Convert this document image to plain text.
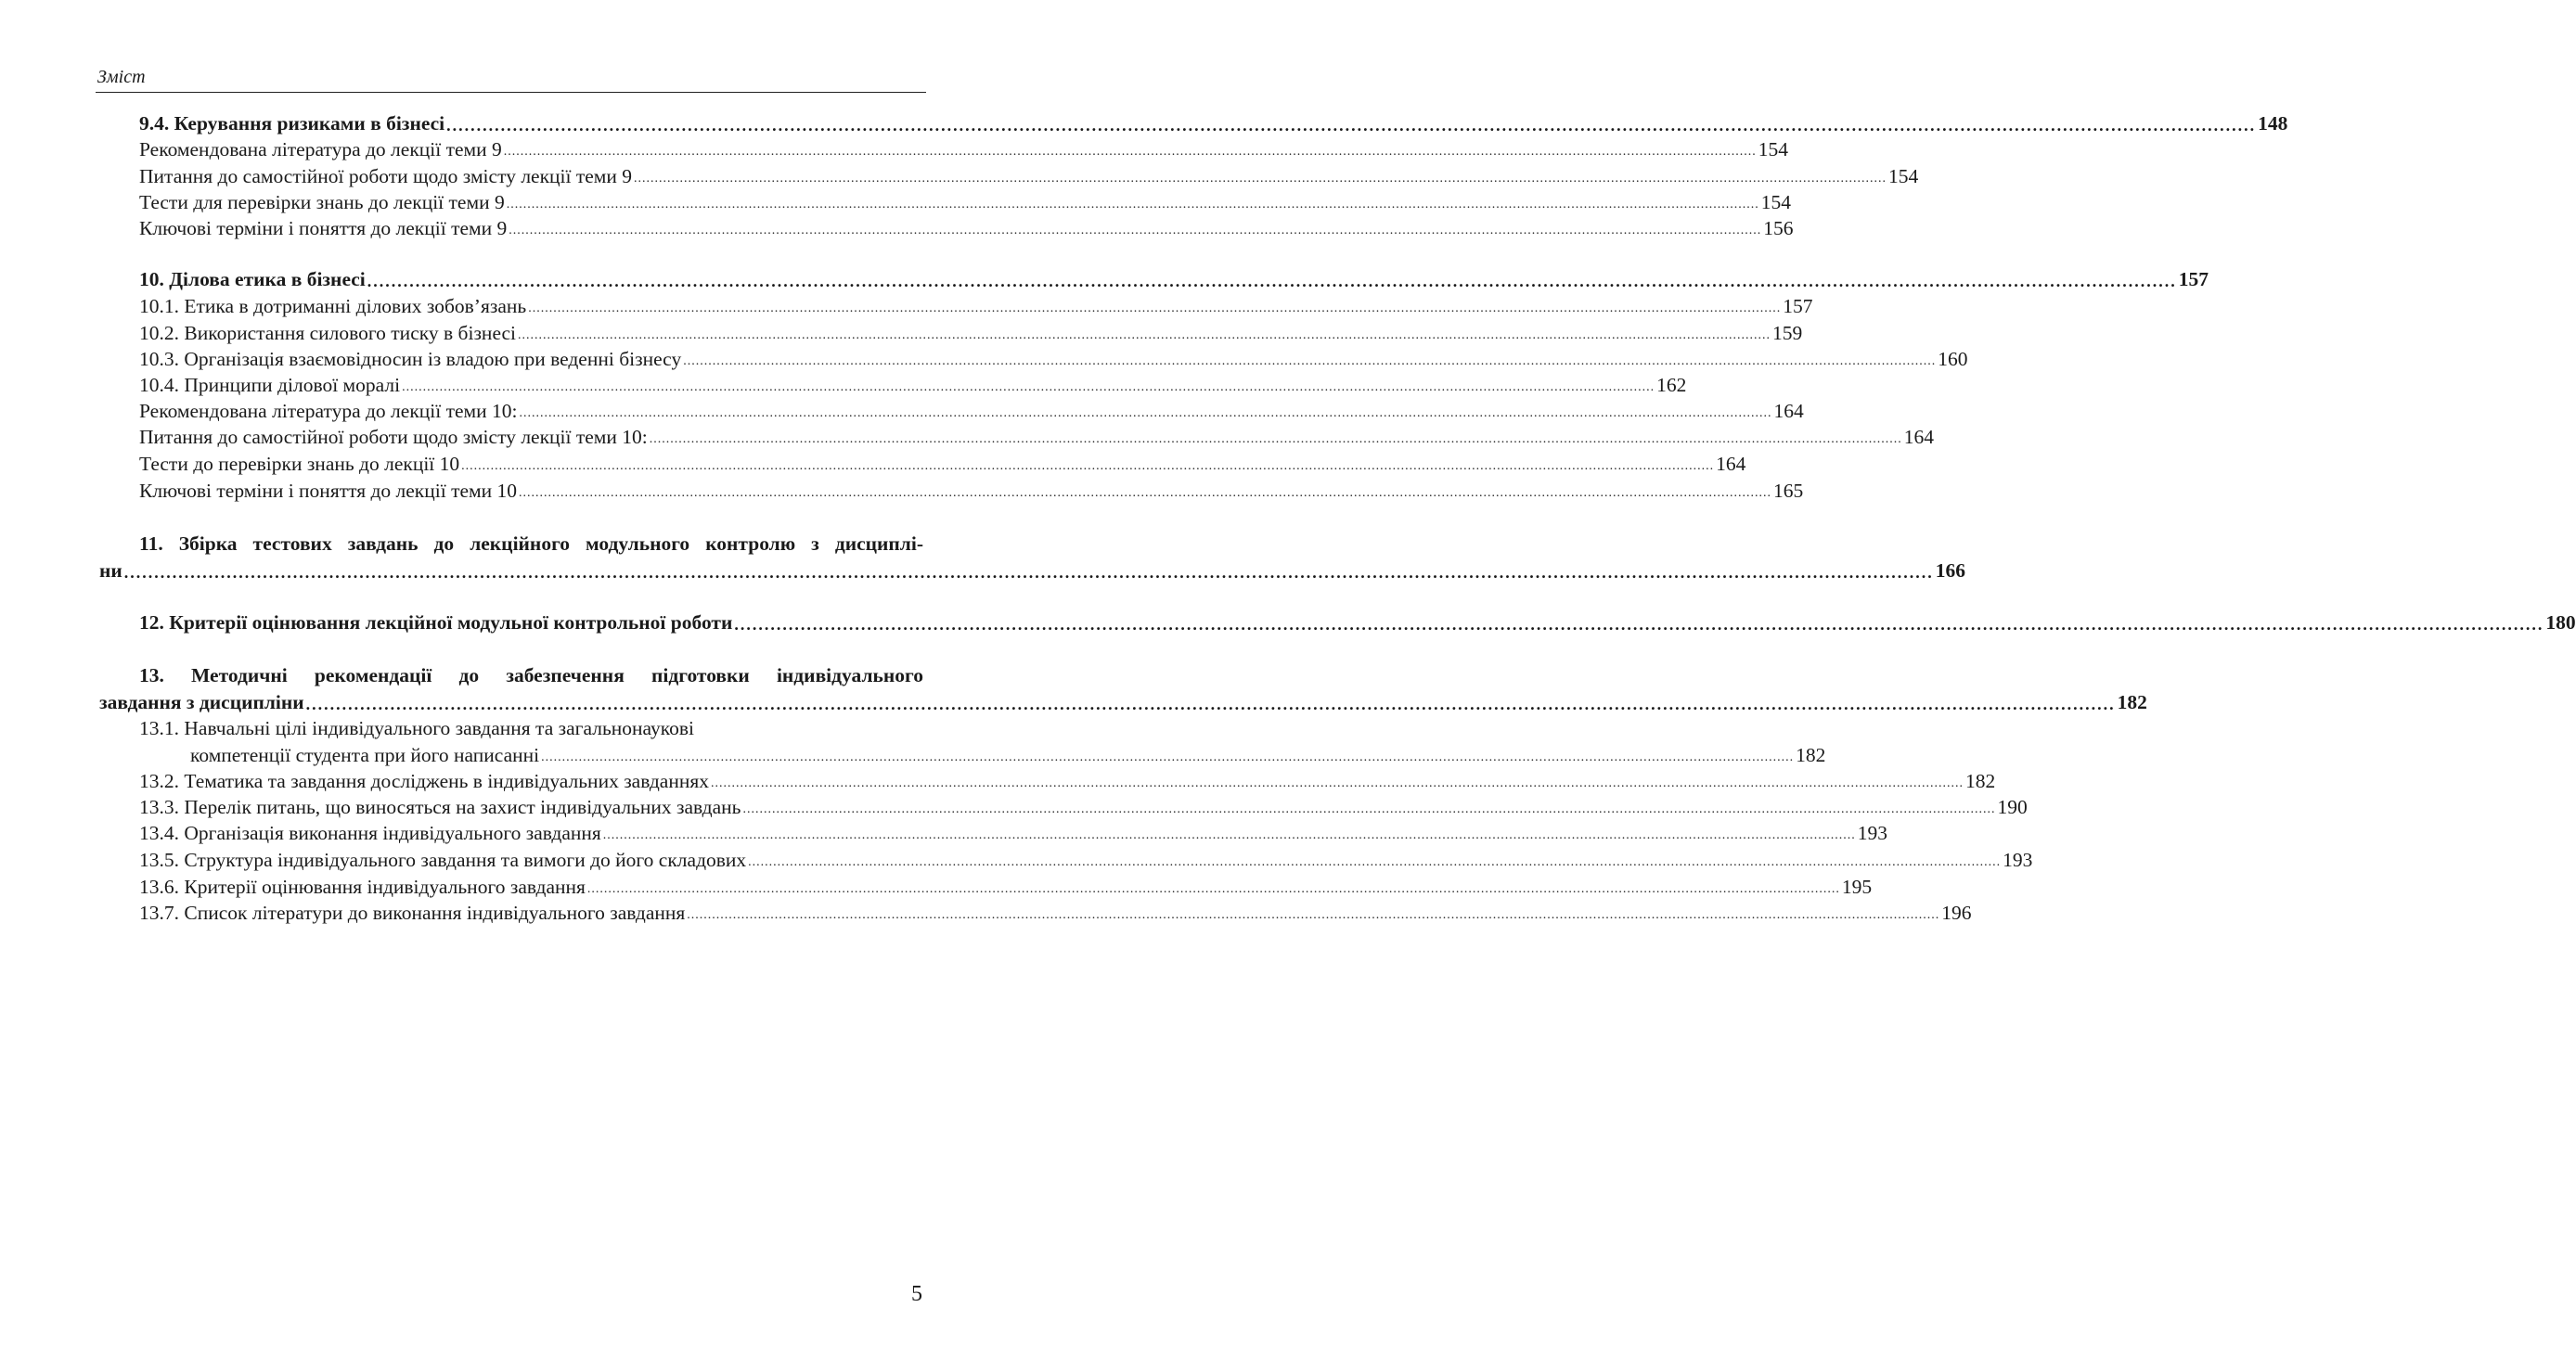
Зміст
9.4. Керування ризиками в бізнесі ............................................................................................................................................................................................................................................................................................................ 148
Рекомендована література до лекції теми 9 ............................................................................................................................................................................................................................................................................................................ 154
Питання до самостійної роботи щодо змісту лекції теми 9 ............................................................................................................................................................................................................................................................................................................ 154
Тести для перевірки знань до лекції теми 9 ............................................................................................................................................................................................................................................................................................................ 154
Ключові терміни і поняття до лекції теми 9 ............................................................................................................................................................................................................................................................................................................ 156
10. Ділова етика в бізнесі ............................................................................................................................................................................................................................................................................................................ 157
10.1. Етика в дотриманні ділових зобов’язань ............................................................................................................................................................................................................................................................................................................ 157
10.2. Використання силового тиску в бізнесі ............................................................................................................................................................................................................................................................................................................ 159
10.3. Організація взаємовідносин із владою при веденні бізнесу ............................................................................................................................................................................................................................................................................................................ 160
10.4. Принципи ділової моралі ............................................................................................................................................................................................................................................................................................................ 162
Рекомендована література до лекції теми 10: ............................................................................................................................................................................................................................................................................................................ 164
Питання до самостійної роботи щодо змісту лекції теми 10: ............................................................................................................................................................................................................................................................................................................ 164
Тести до перевірки знань до лекції 10 ............................................................................................................................................................................................................................................................................................................ 164
Ключові терміни і поняття до лекції теми 10 ............................................................................................................................................................................................................................................................................................................ 165
11. Збірка тестових завдань до лекційного модульного контролю з дисциплі-
ни ............................................................................................................................................................................................................................................................................................................ 166
12. Критерії оцінювання лекційної модульної контрольної роботи ............................................................................................................................................................................................................................................................................................................ 180
13. Методичні рекомендації до забезпечення підготовки індивідуального
завдання з дисципліни ............................................................................................................................................................................................................................................................................................................ 182
13.1. Навчальні цілі індивідуального завдання та загальнонаукові
компетенції студента при його написанні ............................................................................................................................................................................................................................................................................................................ 182
13.2. Тематика та завдання досліджень в індивідуальних завданнях ............................................................................................................................................................................................................................................................................................................ 182
13.3. Перелік питань, що виносяться на захист індивідуальних завдань ............................................................................................................................................................................................................................................................................................................ 190
13.4. Організація виконання індивідуального завдання ............................................................................................................................................................................................................................................................................................................ 193
13.5. Структура індивідуального завдання та вимоги до його складових ............................................................................................................................................................................................................................................................................................................ 193
13.6. Критерії оцінювання індивідуального завдання ............................................................................................................................................................................................................................................................................................................ 195
13.7. Список літератури до виконання індивідуального завдання ............................................................................................................................................................................................................................................................................................................ 196
5
